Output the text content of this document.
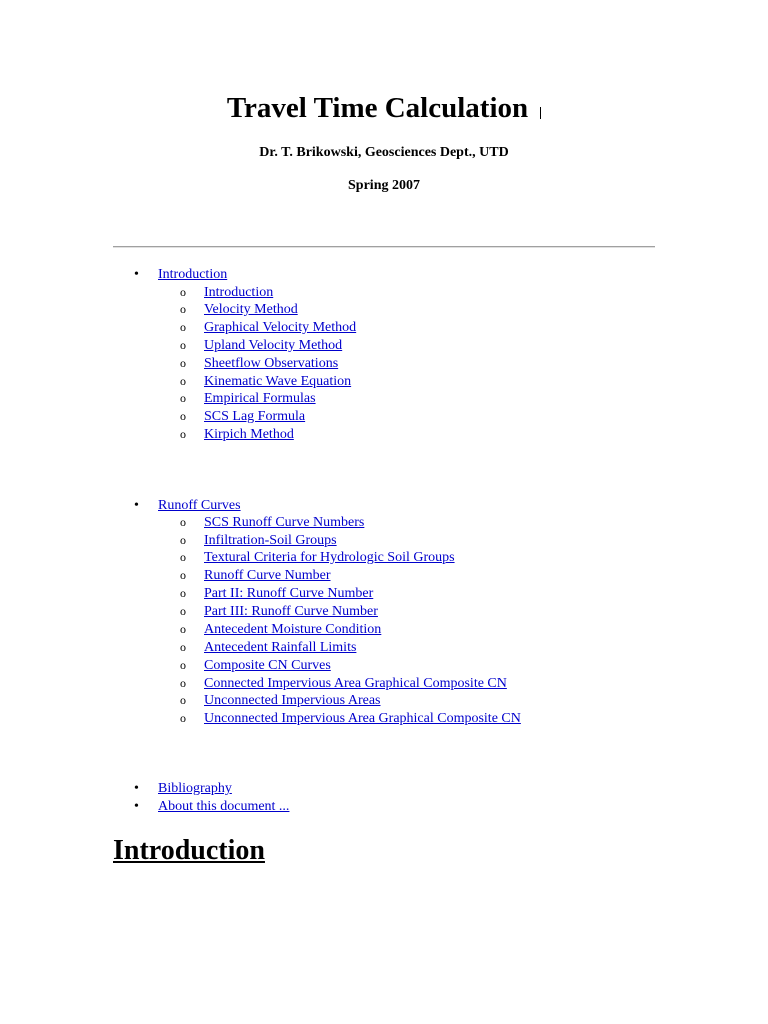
Travel Time Calculation

Dr. T. Brikowski, Geosciences Dept., UTD

Spring 2007

• Introduction

o Introduction

o Velocity Method

o Graphical Velocity Method

o Upland Velocity Method

o Sheetflow Observations

o Kinematic Wave Equation

o Empirical Formulas

o SCS Lag Formula

o Kirpich Method

• Runoff Curves

o SCS Runoff Curve Numbers

o Infiltration-Soil Groups

o Textural Criteria for Hydrologic Soil Groups

o Runoff Curve Number

o Part II: Runoff Curve Number

o Part III: Runoff Curve Number

o Antecedent Moisture Condition

o Antecedent Rainfall Limits

o Composite CN Curves

o Connected Impervious Area Graphical Composite CN

o Unconnected Impervious Areas

o Unconnected Impervious Area Graphical Composite CN

• Bibliography

• About this document ...

Introduction
